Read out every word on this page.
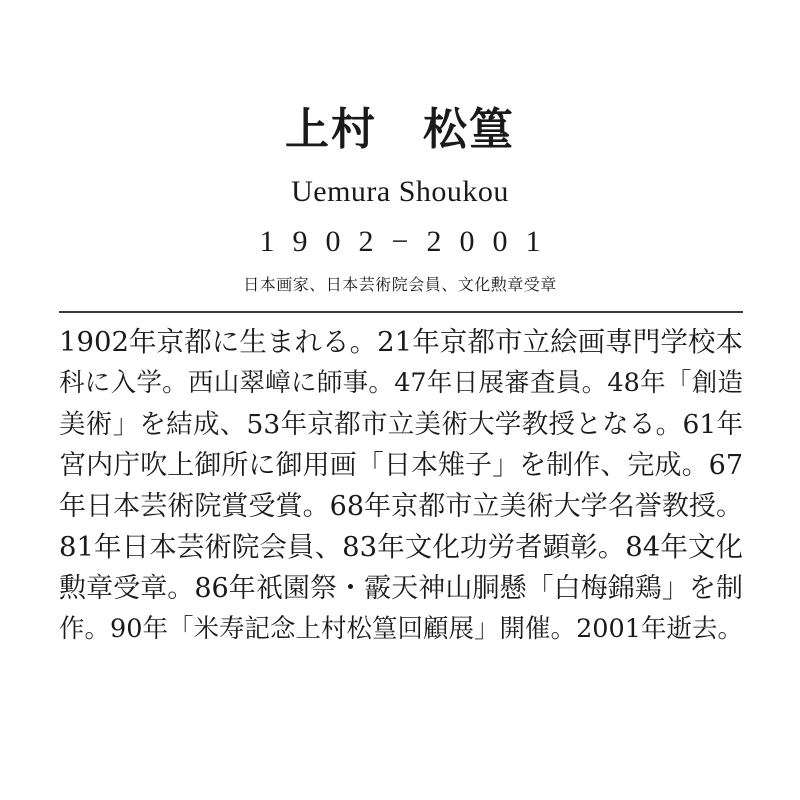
上村　松篁
Uemura Shoukou
1902−2001
日本画家、日本芸術院会員、文化勲章受章
1902年京都に生まれる。21年京都市立絵画専門学校本
科に入学。西山翠嶂に師事。47年日展審査員。48年「創造
美術」を結成、53年京都市立美術大学教授となる。61年
宮内庁吹上御所に御用画「日本雉子」を制作、完成。67
年日本芸術院賞受賞。68年京都市立美術大学名誉教授。
81年日本芸術院会員、83年文化功労者顕彰。84年文化
勲章受章。86年祇園祭・霰天神山胴懸「白梅錦鶏」を制
作。90年「米寿記念上村松篁回顧展」開催。2001年逝去。
